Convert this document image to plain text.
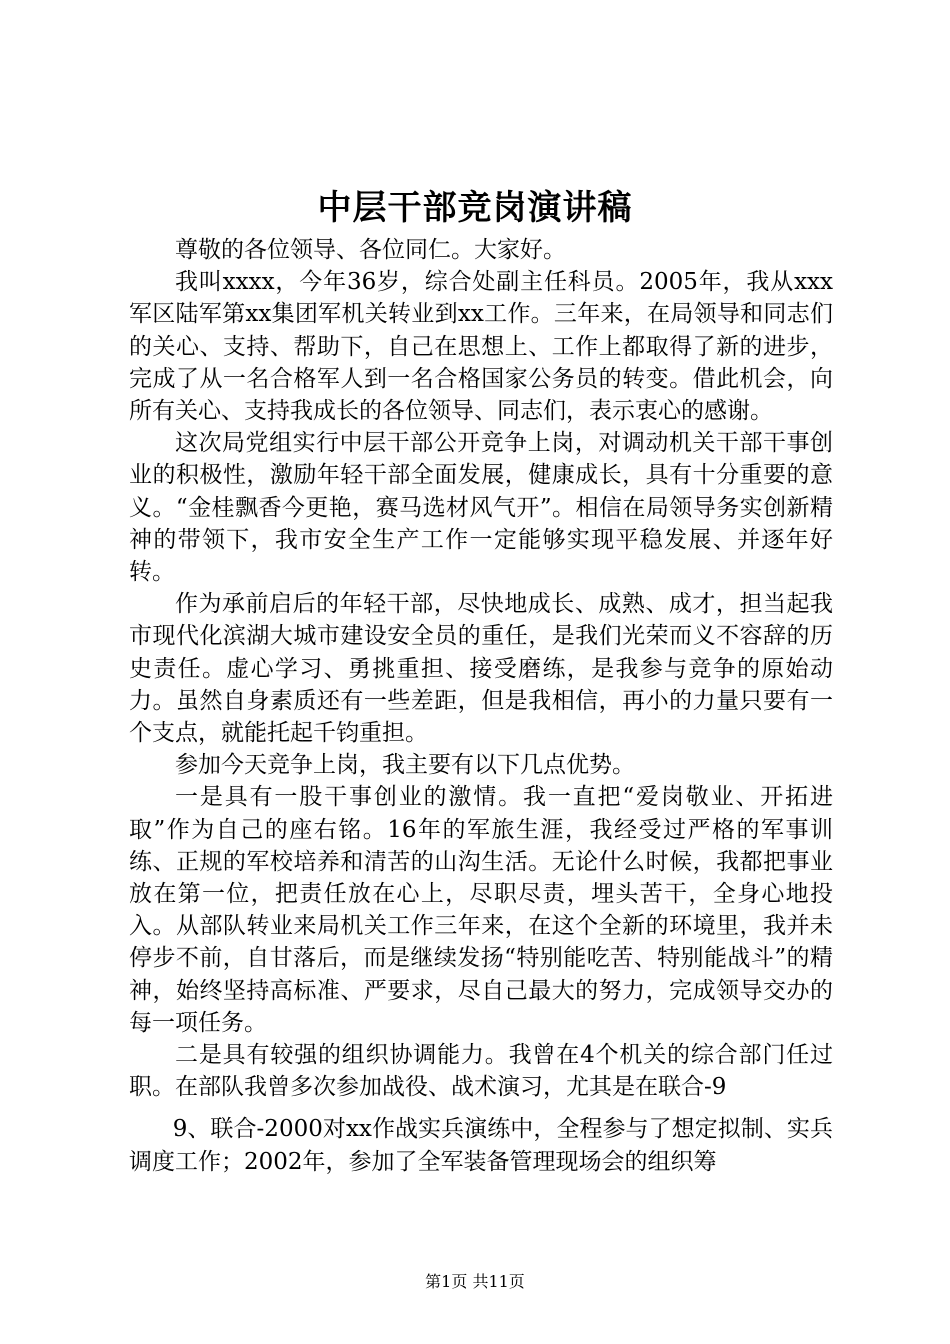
中层干部竞岗演讲稿

尊敬的各位领导、各位同仁。大家好。

我叫xxxx，今年36岁，综合处副主任科员。2005年，我从xxx军区陆军第xx集团军机关转业到xx工作。三年来，在局领导和同志们的关心、支持、帮助下，自己在思想上、工作上都取得了新的进步，完成了从一名合格军人到一名合格国家公务员的转变。借此机会，向所有关心、支持我成长的各位领导、同志们，表示衷心的感谢。

这次局党组实行中层干部公开竞争上岗，对调动机关干部干事创业的积极性，激励年轻干部全面发展，健康成长，具有十分重要的意义。“金桂飘香今更艳，赛马选材风气开”。相信在局领导务实创新精神的带领下，我市安全生产工作一定能够实现平稳发展、并逐年好转。

作为承前启后的年轻干部，尽快地成长、成熟、成才，担当起我市现代化滨湖大城市建设安全员的重任，是我们光荣而义不容辞的历史责任。虚心学习、勇挑重担、接受磨练，是我参与竞争的原始动力。虽然自身素质还有一些差距，但是我相信，再小的力量只要有一个支点，就能托起千钧重担。

参加今天竞争上岗，我主要有以下几点优势。

一是具有一股干事创业的激情。我一直把“爱岗敬业、开拓进取”作为自己的座右铭。16年的军旅生涯，我经受过严格的军事训练、正规的军校培养和清苦的山沟生活。无论什么时候，我都把事业放在第一位，把责任放在心上，尽职尽责，埋头苦干，全身心地投入。从部队转业来局机关工作三年来，在这个全新的环境里，我并未停步不前，自甘落后，而是继续发扬“特别能吃苦、特别能战斗”的精神，始终坚持高标准、严要求，尽自己最大的努力，完成领导交办的每一项任务。

二是具有较强的组织协调能力。我曾在4个机关的综合部门任过职。在部队我曾多次参加战役、战术演习，尤其是在联合-9

9、联合-2000对xx作战实兵演练中，全程参与了想定拟制、实兵调度工作；2002年，参加了全军装备管理现场会的组织筹

第1页 共11页
